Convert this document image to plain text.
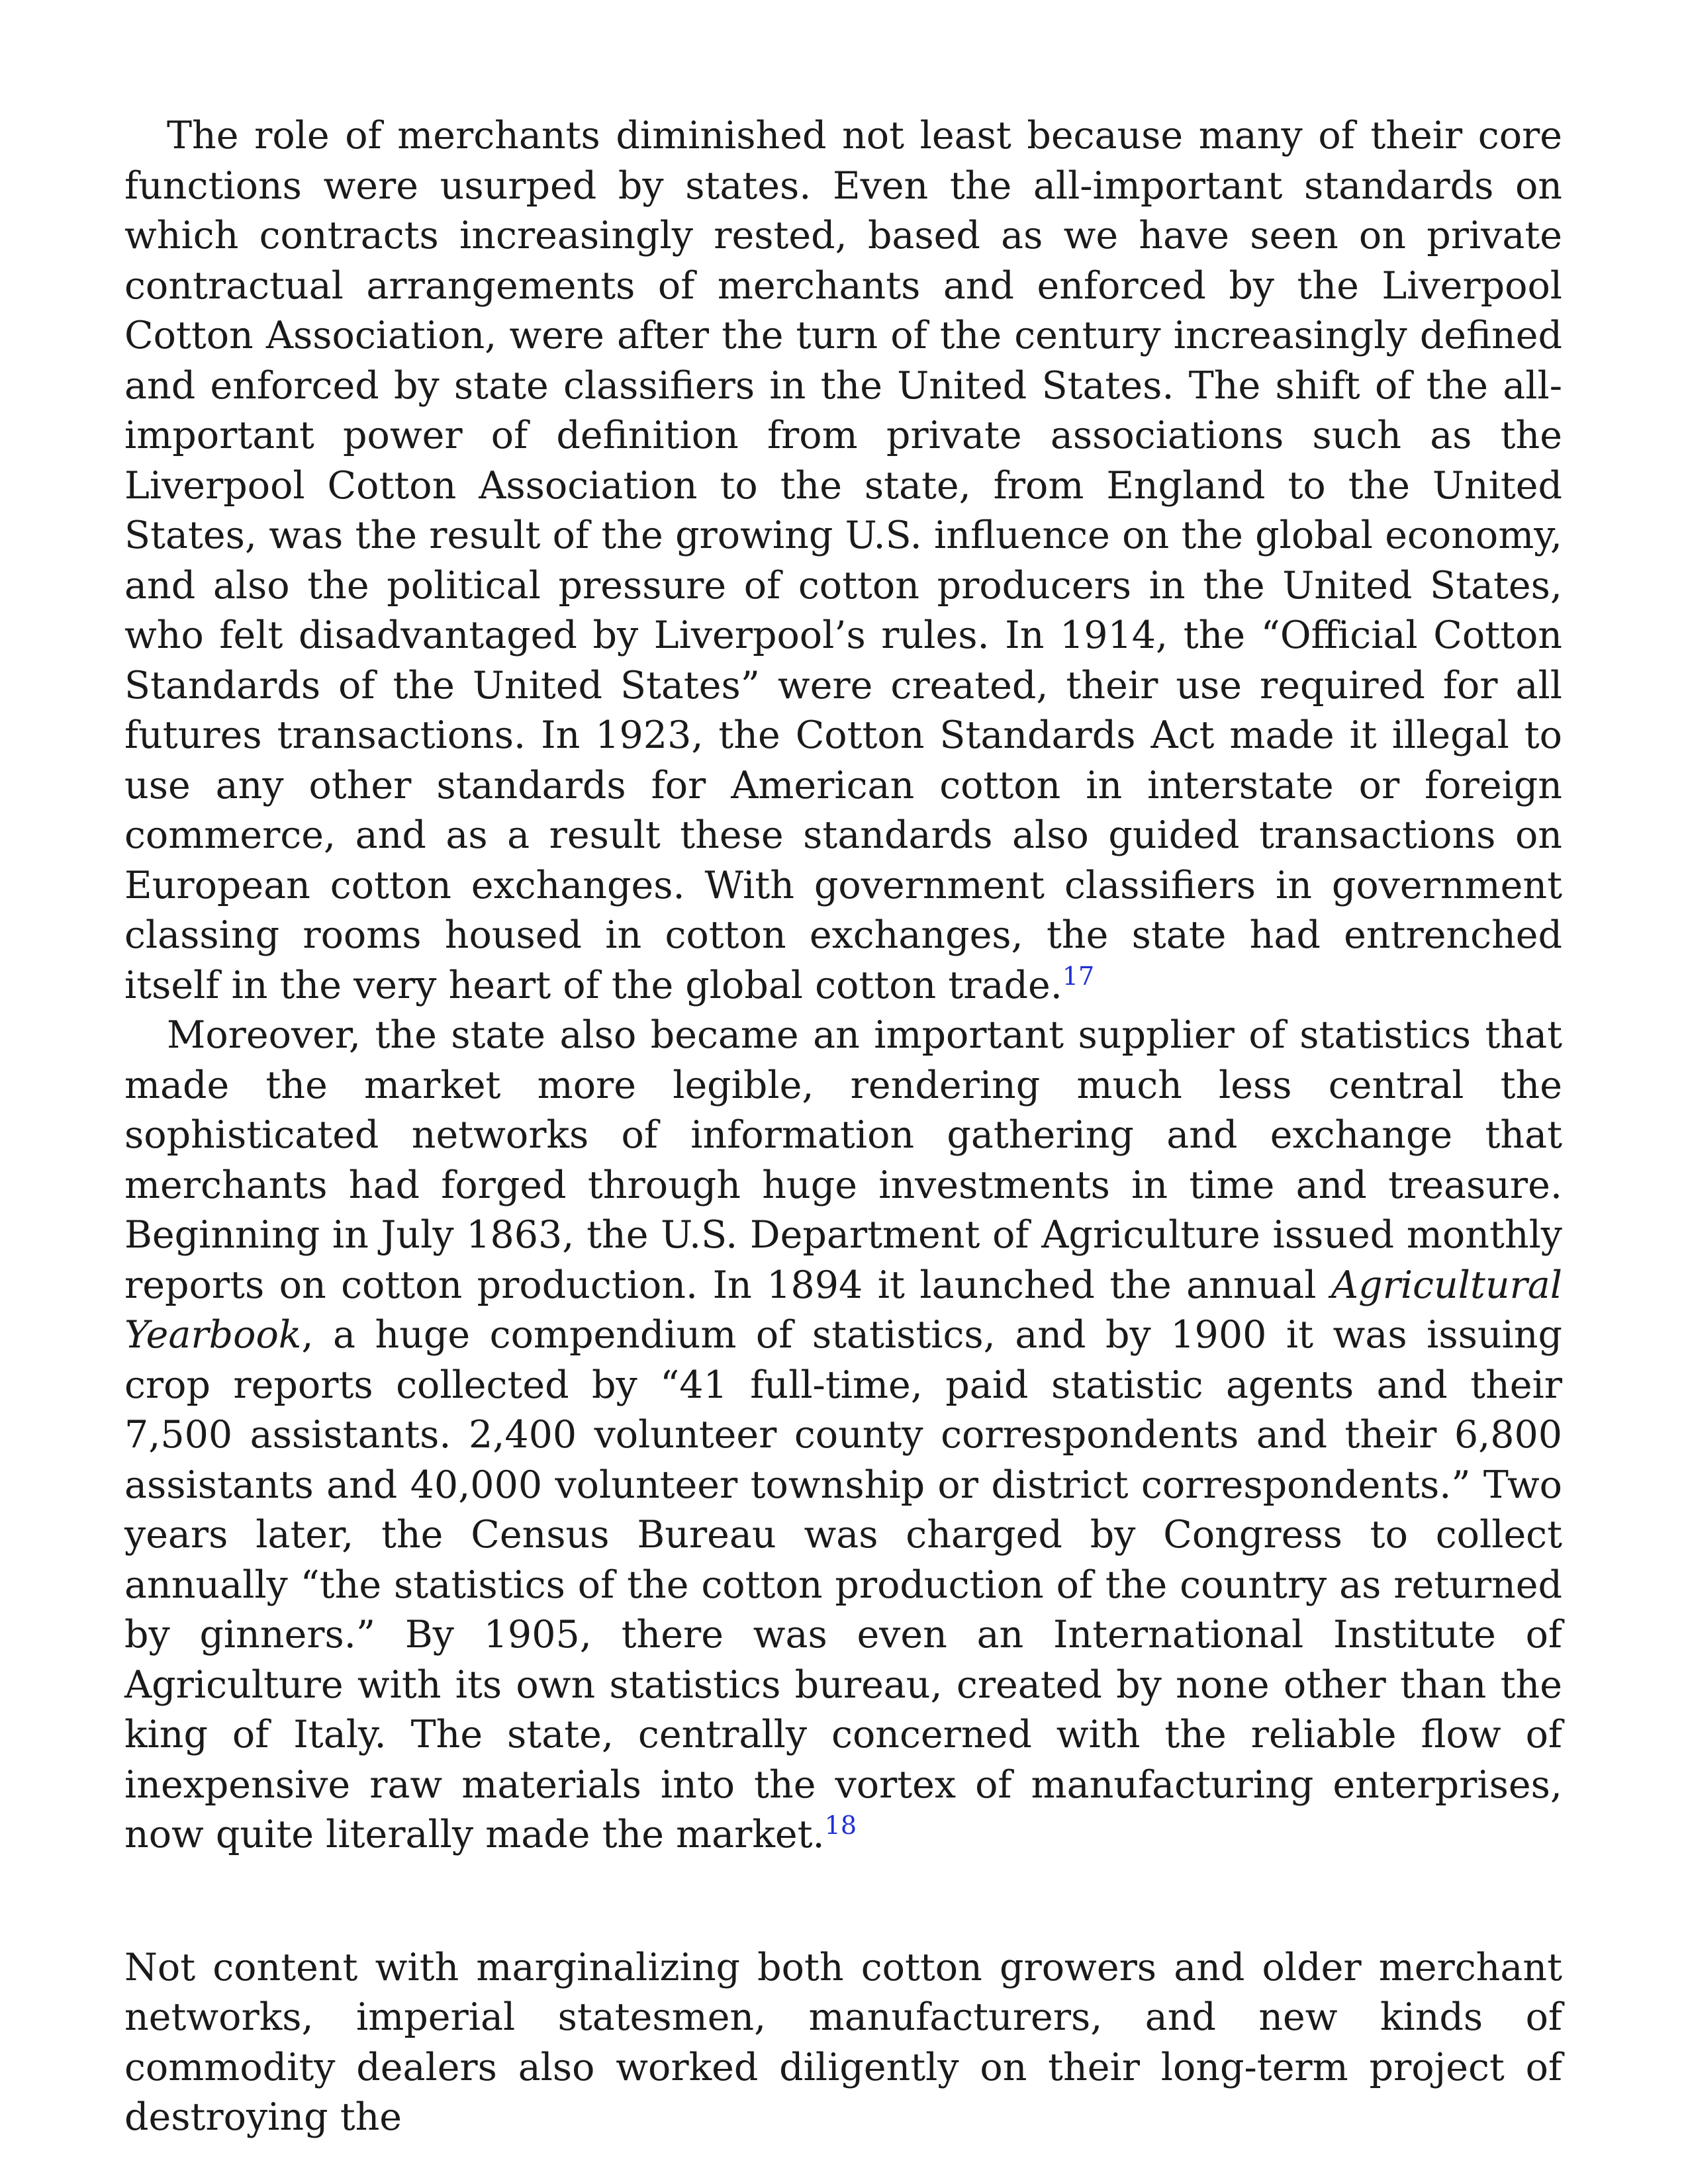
The role of merchants diminished not least because many of their core functions were usurped by states. Even the all-important standards on which contracts increasingly rested, based as we have seen on private contractual arrangements of merchants and enforced by the Liverpool Cotton Association, were after the turn of the century increasingly defined and enforced by state classifiers in the United States. The shift of the all-important power of definition from private associations such as the Liverpool Cotton Association to the state, from England to the United States, was the result of the growing U.S. influence on the global economy, and also the political pressure of cotton producers in the United States, who felt disadvantaged by Liverpool’s rules. In 1914, the “Official Cotton Standards of the United States” were created, their use required for all futures transactions. In 1923, the Cotton Standards Act made it illegal to use any other standards for American cotton in interstate or foreign commerce, and as a result these standards also guided transactions on European cotton exchanges. With government classifiers in government classing rooms housed in cotton exchanges, the state had entrenched itself in the very heart of the global cotton trade.$^{17}$

Moreover, the state also became an important supplier of statistics that made the market more legible, rendering much less central the sophisticated networks of information gathering and exchange that merchants had forged through huge investments in time and treasure. Beginning in July 1863, the U.S. Department of Agriculture issued monthly reports on cotton production. In 1894 it launched the annual Agricultural Yearbook, a huge compendium of statistics, and by 1900 it was issuing crop reports collected by “41 full-time, paid statistic agents and their 7,500 assistants. 2,400 volunteer county correspondents and their 6,800 assistants and 40,000 volunteer township or district correspondents.” Two years later, the Census Bureau was charged by Congress to collect annually “the statistics of the cotton production of the country as returned by ginners.” By 1905, there was even an International Institute of Agriculture with its own statistics bureau, created by none other than the king of Italy. The state, centrally concerned with the reliable flow of inexpensive raw materials into the vortex of manufacturing enterprises, now quite literally made the market.$^{18}$

Not content with marginalizing both cotton growers and older merchant networks, imperial statesmen, manufacturers, and new kinds of commodity dealers also worked diligently on their long-term project of destroying the
